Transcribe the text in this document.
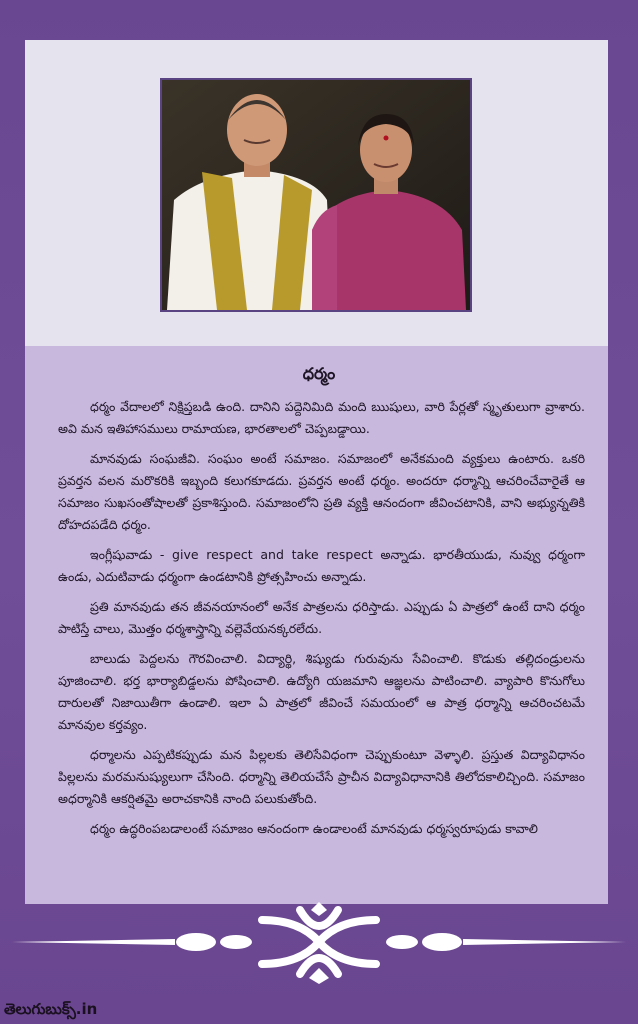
ధర్మం

ధర్మం వేదాలలో నిక్షిప్తబడి ఉంది. దానిని పద్దెనిమిది మంది ఋషులు, వారి పేర్లతో స్మృతులుగా వ్రాశారు. అవి మన ఇతిహాసములు రామాయణ, భారతాలలో చెప్పబడ్డాయి.

మానవుడు సంఘజీవి. సంఘం అంటే సమాజం. సమాజంలో అనేకమంది వ్యక్తులు ఉంటారు. ఒకరి ప్రవర్తన వలన మరొకరికి ఇబ్బంది కలుగకూడదు. ప్రవర్తన అంటే ధర్మం. అందరూ ధర్మాన్ని ఆచరించేవారైతే ఆ సమాజం సుఖసంతోషాలతో ప్రకాశిస్తుంది. సమాజంలోని ప్రతి వ్యక్తి ఆనందంగా జీవించటానికి, వాని అభ్యున్నతికి దోహదపడేది ధర్మం.

ఇంగ్లీషువాడు - give respect and take respect అన్నాడు. భారతీయుడు, నువ్వు ధర్మంగా ఉండు, ఎదుటివాడు ధర్మంగా ఉండటానికి ప్రోత్సహించు అన్నాడు.

ప్రతి మానవుడు తన జీవనయానంలో అనేక పాత్రలను ధరిస్తాడు. ఎప్పుడు ఏ పాత్రలో ఉంటే దాని ధర్మం పాటిస్తే చాలు, మొత్తం ధర్మశాస్త్రాన్ని వల్లెవేయనక్కరలేదు.

బాలుడు పెద్దలను గౌరవించాలి. విద్యార్థి, శిష్యుడు గురువును సేవించాలి. కొడుకు తల్లిదండ్రులను పూజించాలి. భర్త భార్యాబిడ్డలను పోషించాలి. ఉద్యోగి యజమాని ఆజ్ఞలను పాటించాలి. వ్యాపారి కొనుగోలు దారులతో నిజాయితీగా ఉండాలి. ఇలా ఏ పాత్రలో జీవించే సమయంలో ఆ పాత్ర ధర్మాన్ని ఆచరించటమే మానవుల కర్తవ్యం.

ధర్మాలను ఎప్పటికప్పుడు మన పిల్లలకు తెలిసేవిధంగా చెప్పుకుంటూ వెళ్ళాలి. ప్రస్తుత విద్యావిధానం పిల్లలను మరమనుష్యులుగా చేసింది. ధర్మాన్ని తెలియచేసే ప్రాచీన విద్యావిధానానికి తిలోదకాలిచ్చింది. సమాజం అధర్మానికి ఆకర్షితమై అరాచకానికి నాంది పలుకుతోంది.

ధర్మం ఉద్ధరింపబడాలంటే సమాజం ఆనందంగా ఉండాలంటే మానవుడు ధర్మస్వరూపుడు కావాలి

తెలుగుబుక్స్.in
